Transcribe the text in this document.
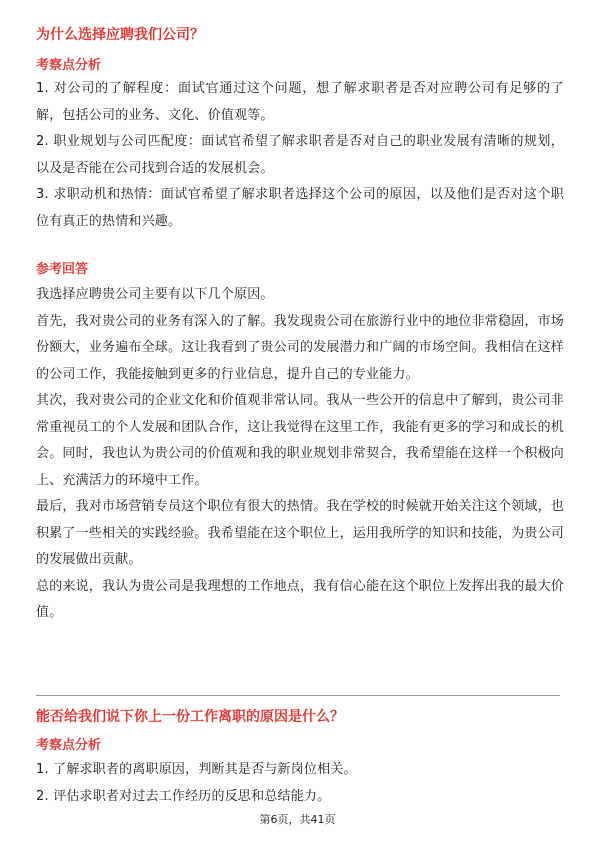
为什么选择应聘我们公司？

考察点分析

1. 对公司的了解程度：面试官通过这个问题，想了解求职者是否对应聘公司有足够的了解，包括公司的业务、文化、价值观等。

2. 职业规划与公司匹配度：面试官希望了解求职者是否对自己的职业发展有清晰的规划，以及是否能在公司找到合适的发展机会。

3. 求职动机和热情：面试官希望了解求职者选择这个公司的原因，以及他们是否对这个职位有真正的热情和兴趣。

参考回答

我选择应聘贵公司主要有以下几个原因。

首先，我对贵公司的业务有深入的了解。我发现贵公司在旅游行业中的地位非常稳固，市场份额大，业务遍布全球。这让我看到了贵公司的发展潜力和广阔的市场空间。我相信在这样的公司工作，我能接触到更多的行业信息，提升自己的专业能力。

其次，我对贵公司的企业文化和价值观非常认同。我从一些公开的信息中了解到，贵公司非常重视员工的个人发展和团队合作，这让我觉得在这里工作，我能有更多的学习和成长的机会。同时，我也认为贵公司的价值观和我的职业规划非常契合，我希望能在这样一个积极向上、充满活力的环境中工作。

最后，我对市场营销专员这个职位有很大的热情。我在学校的时候就开始关注这个领域，也积累了一些相关的实践经验。我希望能在这个职位上，运用我所学的知识和技能，为贵公司的发展做出贡献。

总的来说，我认为贵公司是我理想的工作地点，我有信心能在这个职位上发挥出我的最大价值。

能否给我们说下你上一份工作离职的原因是什么？

考察点分析

1. 了解求职者的离职原因，判断其是否与新岗位相关。

2. 评估求职者对过去工作经历的反思和总结能力。

第6页，共41页
